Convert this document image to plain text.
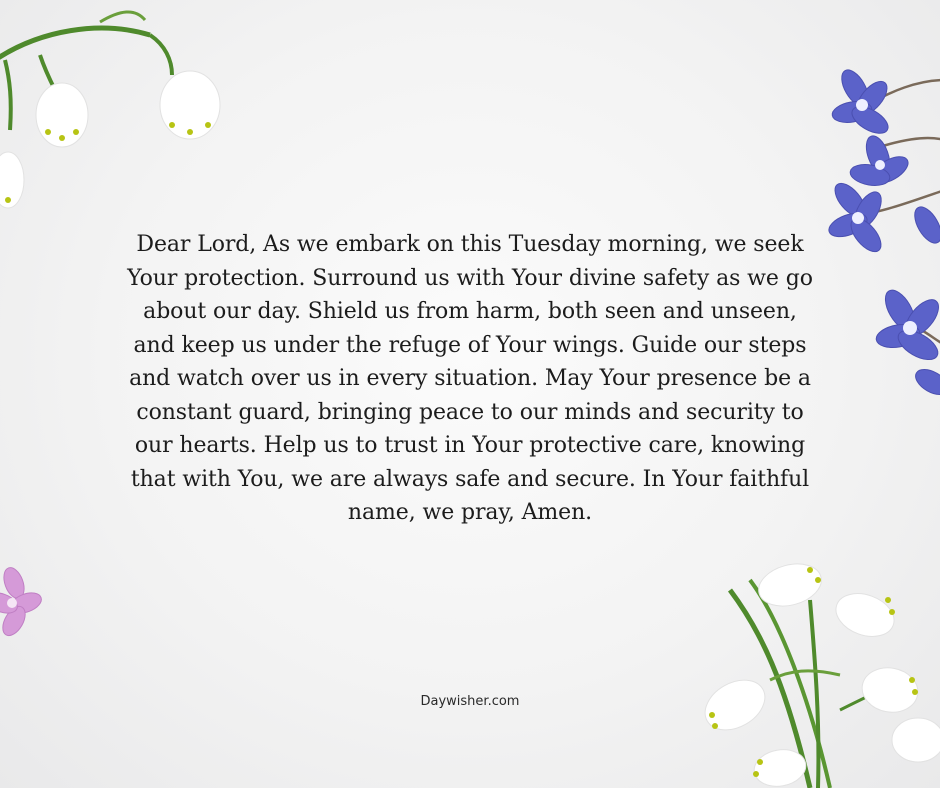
Dear Lord, As we embark on this Tuesday morning, we seek Your protection. Surround us with Your divine safety as we go about our day. Shield us from harm, both seen and unseen, and keep us under the refuge of Your wings. Guide our steps and watch over us in every situation. May Your presence be a constant guard, bringing peace to our minds and security to our hearts. Help us to trust in Your protective care, knowing that with You, we are always safe and secure. In Your faithful name, we pray, Amen.

Daywisher.com
